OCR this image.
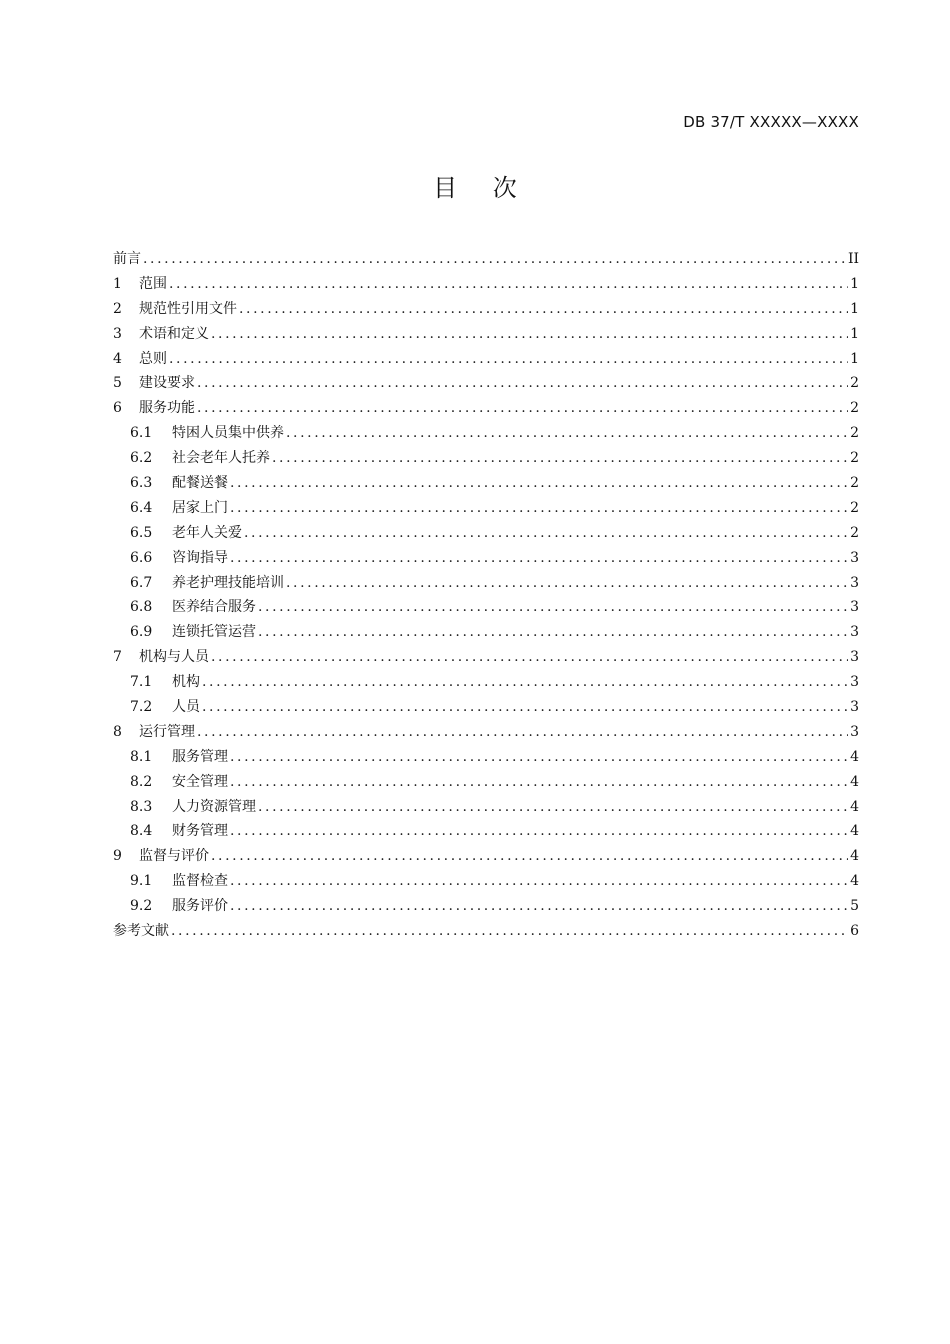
DB 37/T XXXXX—XXXX
目 次
前言 .....	II
1	范围 .....	1
2	规范性引用文件 .....	1
3	术语和定义 .....	1
4	总则 .....	1
5	建设要求 .....	2
6	服务功能 .....	2
6.1	特困人员集中供养 .....	2
6.2	社会老年人托养 .....	2
6.3	配餐送餐 .....	2
6.4	居家上门 .....	2
6.5	老年人关爱 .....	2
6.6	咨询指导 .....	3
6.7	养老护理技能培训 .....	3
6.8	医养结合服务 .....	3
6.9	连锁托管运营 .....	3
7	机构与人员 .....	3
7.1	机构 .....	3
7.2	人员 .....	3
8	运行管理 .....	3
8.1	服务管理 .....	4
8.2	安全管理 .....	4
8.3	人力资源管理 .....	4
8.4	财务管理 .....	4
9	监督与评价 .....	4
9.1	监督检查 .....	4
9.2	服务评价 .....	5
参考文献 .....	6
